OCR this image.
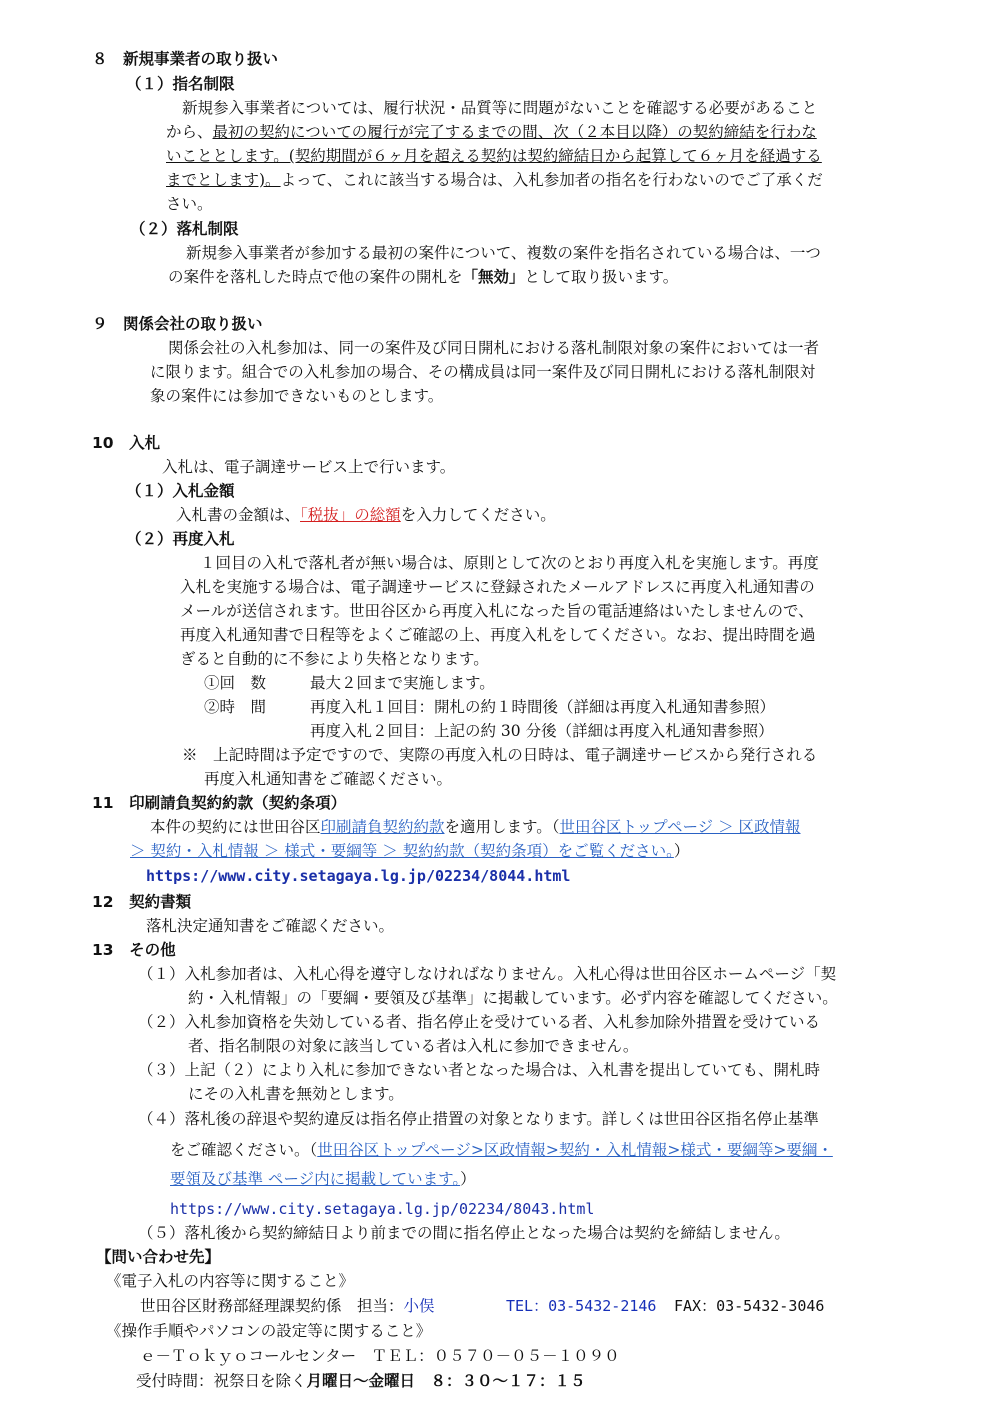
８　新規事業者の取り扱い
（１）指名制限
新規参入事業者については、履行状況・品質等に問題がないことを確認する必要があること
から、最初の契約についての履行が完了するまでの間、次（２本目以降）の契約締結を行わな
いこととします。(契約期間が６ヶ月を超える契約は契約締結日から起算して６ヶ月を経過する
までとします)。よって、これに該当する場合は、入札参加者の指名を行わないのでご了承くだ
さい。
（２）落札制限
新規参入事業者が参加する最初の案件について、複数の案件を指名されている場合は、一つ
の案件を落札した時点で他の案件の開札を「無効」として取り扱います。
９　関係会社の取り扱い
関係会社の入札参加は、同一の案件及び同日開札における落札制限対象の案件においては一者
に限ります。組合での入札参加の場合、その構成員は同一案件及び同日開札における落札制限対
象の案件には参加できないものとします。
10　入札
入札は、電子調達サービス上で行います。
（１）入札金額
入札書の金額は、「税抜」の総額を入力してください。
（２）再度入札
１回目の入札で落札者が無い場合は、原則として次のとおり再度入札を実施します。再度
入札を実施する場合は、電子調達サービスに登録されたメールアドレスに再度入札通知書の
メールが送信されます。世田谷区から再度入札になった旨の電話連絡はいたしませんので、
再度入札通知書で日程等をよくご確認の上、再度入札をしてください。なお、提出時間を過
ぎると自動的に不参により失格となります。
①回　数	最大２回まで実施します。
②時　間	再度入札１回目：開札の約１時間後（詳細は再度入札通知書参照）
再度入札２回目：上記の約 30 分後（詳細は再度入札通知書参照）
※　上記時間は予定ですので、実際の再度入札の日時は、電子調達サービスから発行される
再度入札通知書をご確認ください。
11　印刷請負契約約款（契約条項）
本件の契約には世田谷区印刷請負契約約款を適用します。（世田谷区トップページ ＞ 区政情報
＞ 契約・入札情報 ＞ 様式・要綱等 ＞ 契約約款（契約条項）をご覧ください。）
https://www.city.setagaya.lg.jp/02234/8044.html
12　契約書類
落札決定通知書をご確認ください。
13　その他
（１）入札参加者は、入札心得を遵守しなければなりません。入札心得は世田谷区ホームページ「契
約・入札情報」の「要綱・要領及び基準」に掲載しています。必ず内容を確認してください。
（２）入札参加資格を失効している者、指名停止を受けている者、入札参加除外措置を受けている
者、指名制限の対象に該当している者は入札に参加できません。
（３）上記（２）により入札に参加できない者となった場合は、入札書を提出していても、開札時
にその入札書を無効とします。
（４）落札後の辞退や契約違反は指名停止措置の対象となります。詳しくは世田谷区指名停止基準
をご確認ください。（世田谷区トップページ>区政情報>契約・入札情報>様式・要綱等>要綱・
要領及び基準 ページ内に掲載しています。）
https://www.city.setagaya.lg.jp/02234/8043.html
（５）落札後から契約締結日より前までの間に指名停止となった場合は契約を締結しません。
【問い合わせ先】
《電子入札の内容等に関すること》
世田谷区財務部経理課契約係　担当：小俣	TEL：03-5432-2146 FAX：03-5432-3046
《操作手順やパソコンの設定等に関すること》
ｅ－Ｔｏｋｙｏコールセンター　ＴＥＬ：０５７０－０５－１０９０
受付時間：祝祭日を除く月曜日～金曜日　８：３０～１７：１５
